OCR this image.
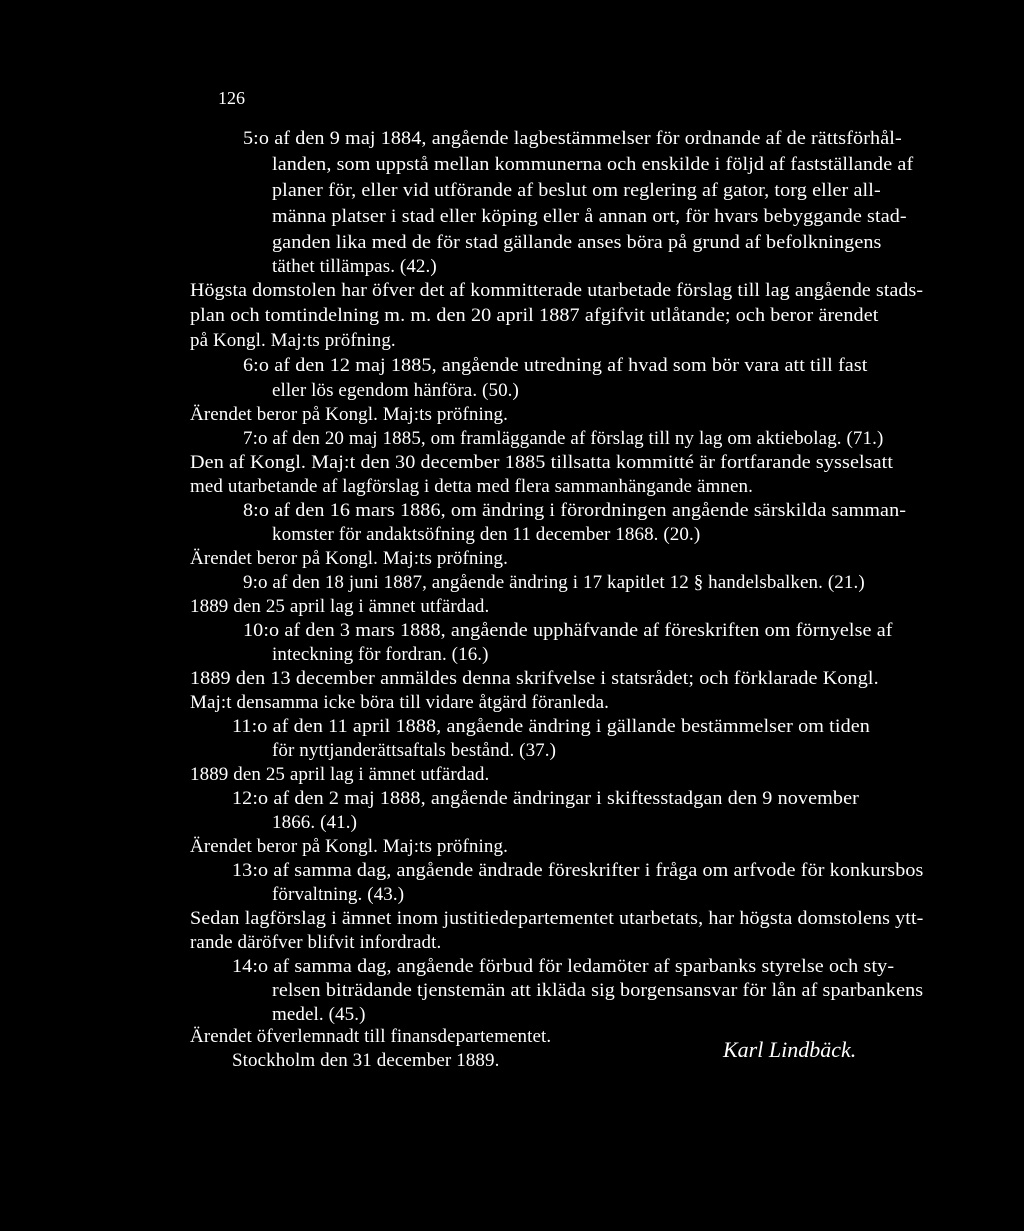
126
5:o af den 9 maj 1884, angående lagbestämmelser för ordnande af de rättsförhål-
landen, som uppstå mellan kommunerna och enskilde i följd af fastställande af
planer för, eller vid utförande af beslut om reglering af gator, torg eller all-
männa platser i stad eller köping eller å annan ort, för hvars bebyggande stad-
ganden lika med de för stad gällande anses böra på grund af befolkningens
täthet tillämpas. (42.)
Högsta domstolen har öfver det af kommitterade utarbetade förslag till lag angående stads-
plan och tomtindelning m. m. den 20 april 1887 afgifvit utlåtande; och beror ärendet
på Kongl. Maj:ts pröfning.
6:o af den 12 maj 1885, angående utredning af hvad som bör vara att till fast
eller lös egendom hänföra. (50.)
Ärendet beror på Kongl. Maj:ts pröfning.
7:o af den 20 maj 1885, om framläggande af förslag till ny lag om aktiebolag. (71.)
Den af Kongl. Maj:t den 30 december 1885 tillsatta kommitté är fortfarande sysselsatt
med utarbetande af lagförslag i detta med flera sammanhängande ämnen.
8:o af den 16 mars 1886, om ändring i förordningen angående särskilda samman-
komster för andaktsöfning den 11 december 1868. (20.)
Ärendet beror på Kongl. Maj:ts pröfning.
9:o af den 18 juni 1887, angående ändring i 17 kapitlet 12 § handelsbalken. (21.)
1889 den 25 april lag i ämnet utfärdad.
10:o af den 3 mars 1888, angående upphäfvande af föreskriften om förnyelse af
inteckning för fordran. (16.)
1889 den 13 december anmäldes denna skrifvelse i statsrådet; och förklarade Kongl.
Maj:t densamma icke böra till vidare åtgärd föranleda.
11:o af den 11 april 1888, angående ändring i gällande bestämmelser om tiden
för nyttjanderättsaftals bestånd. (37.)
1889 den 25 april lag i ämnet utfärdad.
12:o af den 2 maj 1888, angående ändringar i skiftesstadgan den 9 november
1866. (41.)
Ärendet beror på Kongl. Maj:ts pröfning.
13:o af samma dag, angående ändrade föreskrifter i fråga om arfvode för konkursbos
förvaltning. (43.)
Sedan lagförslag i ämnet inom justitiedepartementet utarbetats, har högsta domstolens ytt-
rande däröfver blifvit infordradt.
14:o af samma dag, angående förbud för ledamöter af sparbanks styrelse och sty-
relsen biträdande tjenstemän att ikläda sig borgensansvar för lån af sparbankens
medel. (45.)
Ärendet öfverlemnadt till finansdepartementet.
Stockholm den 31 december 1889.	Karl Lindbäck.
